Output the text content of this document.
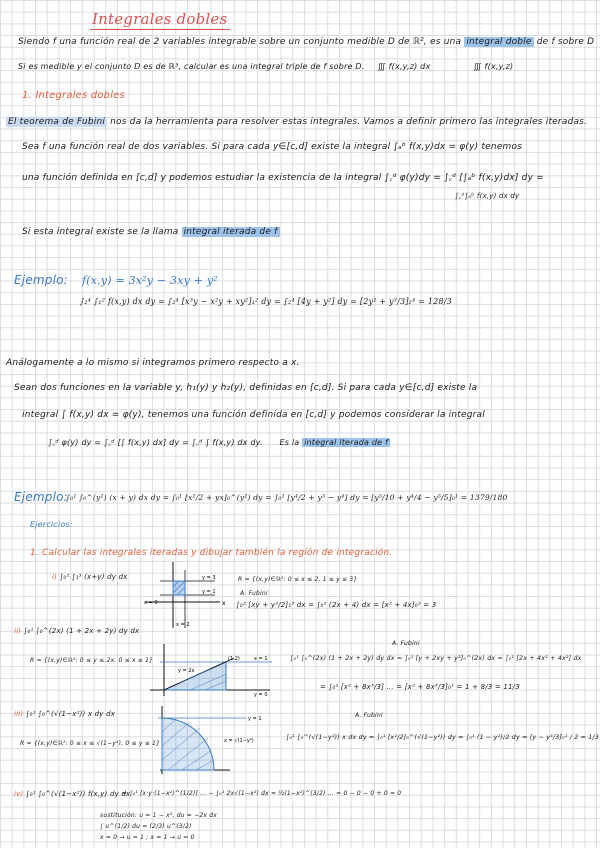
Integrales dobles
Siendo f una función real de 2 variables integrable sobre un conjunto medible D de ℝ², es una integral doble de f sobre D
Si es medible y el conjunto D es de ℝ³, calcular es una integral triple de f sobre D. ∭ f(x,y,z) dx	∭ f(x,y,z)
1. Integrales dobles
El teorema de Fubini nos da la herramienta para resolver estas integrales. Vamos a definir primero las integrales iteradas.
Sea f una función real de dos variables. Si para cada y∈[c,d] existe la integral ∫ₐᵇ f(x,y)dx = φ(y) tenemos
una función definida en [c,d] y podemos estudiar la existencia de la integral ∫꜀ᵈ φ(y)dy = ∫꜀ᵈ [∫ₐᵇ f(x,y)dx] dy =
∫꜀ᵈ∫ₐᵇ f(x,y) dx dy
Si esta integral existe se la llama integral iterada de f
Ejemplo: f(x,y) = 3x²y − 3xy + y²
∫₂⁴ ∫₁² f(x,y) dx dy = ∫₂⁴ [x³y − x²y + xy²]₁² dy = ∫₂⁴ [4y + y²] dy = [2y² + y³/3]₂⁴ = 128/3
Análogamente a lo mismo si integramos primero respecto a x.
Sean dos funciones en la variable y, h₁(y) y h₂(y), definidas en [c,d]. Si para cada y∈[c,d] existe la
integral ∫ f(x,y) dx = φ(y), tenemos una función definida en [c,d] y podemos considerar la integral
∫꜀ᵈ φ(y) dy = ∫꜀ᵈ [∫ f(x,y) dx] dy = ∫꜀ᵈ ∫ f(x,y) dx dy. Es la integral iterada de f
Ejemplo:
∫₀¹ ∫₀^(y²) (x + y) dx dy = ∫₀¹ [x²/2 + yx]₀^(y²) dy = ∫₀¹ [y⁴/2 + y³ − y⁴] dy = [y⁵/10 + y⁴/4 − y⁵/5]₀¹ = 1379/180
Ejercicios:
1. Calcular las integrales iteradas y dibujar también la región de integración.
i) ∫₀² ∫₁³ (x+y) dy dx	R = {(x,y)∈ℝ²: 0 ≤ x ≤ 2, 1 ≤ y ≤ 3}
A. Fubini
∫₀² [xy + y²/2]₁³ dx = ∫₀² (2x + 4) dx = [x² + 4x]₀² = 3
y = 3
y = 1
x = 0
x = 2
x
ii) ∫₀¹ ∫₀^(2x) (1 + 2x + 2y) dy dx
R = {(x,y)∈ℝ²: 0 ≤ y ≤ 2x, 0 ≤ x ≤ 1}
A. Fubini
∫₀¹ ∫₀^(2x) (1 + 2x + 2y) dy dx = ∫₀¹ [y + 2xy + y²]₀^(2x) dx = ∫₀¹ [2x + 4x² + 4x²] dx
= ∫₀¹ [x² + 8x³/3] ... = [x² + 8x³/3]₀¹ = 1 + 8/3 = 11/3
y = 2x
(1,2)	x = 1
y = 0
iii) ∫₀¹ ∫₀^(√(1−x²)) x dy dx
R = {(x,y)∈ℝ²: 0 ≤ x ≤ √(1−y²), 0 ≤ y ≤ 1}
A. Fubini
∫₀¹ ∫₀^(√(1−y²)) x dx dy = ∫₀¹ [x²/2]₀^(√(1−y²)) dy = ∫₀¹ (1 − y²)/2 dy = [y − y³/3]₀¹ / 2 = 1/3
y = 1
x = √(1−y²)
iv) ∫₀¹ ∫₀^(√(1−x²)) f(x,y) dy dx
= ∫₀¹ [x·y·(1−x²)^(1/2)] ... − ∫₀¹ 2x√(1−x²) dx = ½(1−x²)^(3/2) ... = 0 − 0 − 0 + 0 = 0
sustitución: u = 1 − x², du = −2x dx
∫ u^(1/2) du = (2/3) u^(3/2)
x = 0 → u = 1 ; x = 1 → u = 0
